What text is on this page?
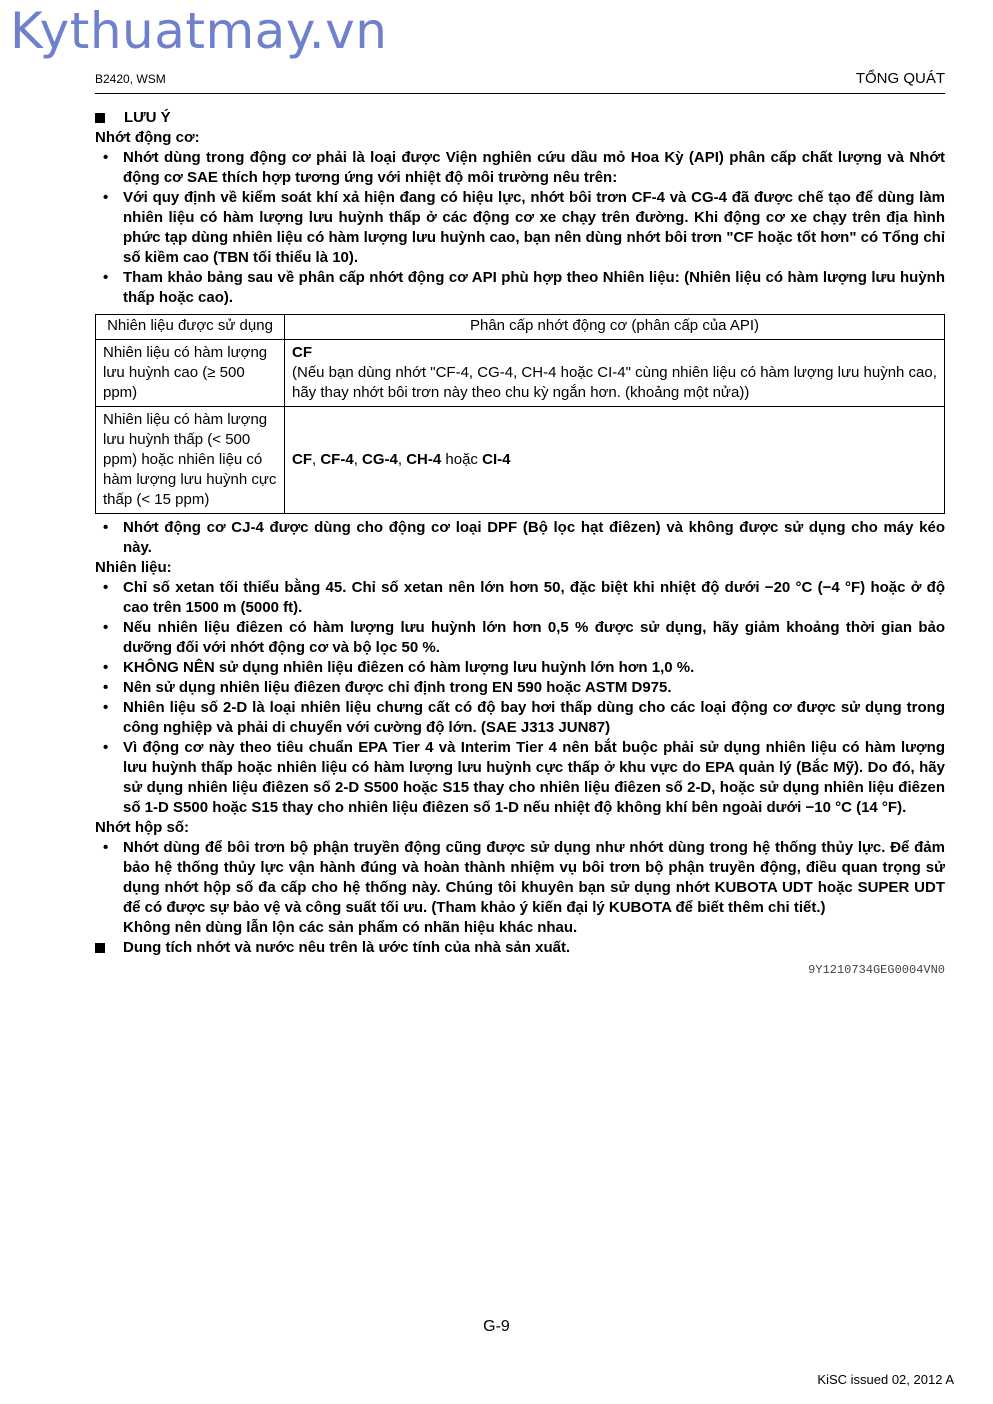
Kythuatmay.vn
B2420, WSM	TỔNG QUÁT
LƯU Ý
Nhớt động cơ:
• Nhớt dùng trong động cơ phải là loại được Viện nghiên cứu dầu mỏ Hoa Kỳ (API) phân cấp chất lượng và Nhớt động cơ SAE thích hợp tương ứng với nhiệt độ môi trường nêu trên:
• Với quy định về kiểm soát khí xả hiện đang có hiệu lực, nhớt bôi trơn CF-4 và CG-4 đã được chế tạo để dùng làm nhiên liệu có hàm lượng lưu huỳnh thấp ở các động cơ xe chạy trên đường. Khi động cơ xe chạy trên địa hình phức tạp dùng nhiên liệu có hàm lượng lưu huỳnh cao, bạn nên dùng nhớt bôi trơn "CF hoặc tốt hơn" có Tổng chỉ số kiềm cao (TBN tối thiểu là 10).
• Tham khảo bảng sau về phân cấp nhớt động cơ API phù hợp theo Nhiên liệu: (Nhiên liệu có hàm lượng lưu huỳnh thấp hoặc cao).
Nhiên liệu được sử dụng	Phân cấp nhớt động cơ (phân cấp của API)
Nhiên liệu có hàm lượng lưu huỳnh cao (≥ 500 ppm)	CF
(Nếu bạn dùng nhớt "CF-4, CG-4, CH-4 hoặc CI-4" cùng nhiên liệu có hàm lượng lưu huỳnh cao, hãy thay nhớt bôi trơn này theo chu kỳ ngắn hơn. (khoảng một nửa))

Nhiên liệu có hàm lượng lưu huỳnh thấp (< 500 ppm) hoặc nhiên liệu có hàm lượng lưu huỳnh cực thấp (< 15 ppm)	CF, CF-4, CG-4, CH-4 hoặc CI-4
• Nhớt động cơ CJ-4 được dùng cho động cơ loại DPF (Bộ lọc hạt điêzen) và không được sử dụng cho máy kéo này.
Nhiên liệu:
• Chỉ số xetan tối thiểu bằng 45. Chỉ số xetan nên lớn hơn 50, đặc biệt khi nhiệt độ dưới −20 °C (−4 °F) hoặc ở độ cao trên 1500 m (5000 ft).
• Nếu nhiên liệu điêzen có hàm lượng lưu huỳnh lớn hơn 0,5 % được sử dụng, hãy giảm khoảng thời gian bảo dưỡng đối với nhớt động cơ và bộ lọc 50 %.
• KHÔNG NÊN sử dụng nhiên liệu điêzen có hàm lượng lưu huỳnh lớn hơn 1,0 %.
• Nên sử dụng nhiên liệu điêzen được chỉ định trong EN 590 hoặc ASTM D975.
• Nhiên liệu số 2-D là loại nhiên liệu chưng cất có độ bay hơi thấp dùng cho các loại động cơ được sử dụng trong công nghiệp và phải di chuyển với cường độ lớn. (SAE J313 JUN87)
• Vì động cơ này theo tiêu chuẩn EPA Tier 4 và Interim Tier 4 nên bắt buộc phải sử dụng nhiên liệu có hàm lượng lưu huỳnh thấp hoặc nhiên liệu có hàm lượng lưu huỳnh cực thấp ở khu vực do EPA quản lý (Bắc Mỹ). Do đó, hãy sử dụng nhiên liệu điêzen số 2-D S500 hoặc S15 thay cho nhiên liệu điêzen số 2-D, hoặc sử dụng nhiên liệu điêzen số 1-D S500 hoặc S15 thay cho nhiên liệu điêzen số 1-D nếu nhiệt độ không khí bên ngoài dưới −10 °C (14 °F).
Nhớt hộp số:
• Nhớt dùng để bôi trơn bộ phận truyền động cũng được sử dụng như nhớt dùng trong hệ thống thủy lực. Để đảm bảo hệ thống thủy lực vận hành đúng và hoàn thành nhiệm vụ bôi trơn bộ phận truyền động, điều quan trọng sử dụng nhớt hộp số đa cấp cho hệ thống này. Chúng tôi khuyên bạn sử dụng nhớt KUBOTA UDT hoặc SUPER UDT để có được sự bảo vệ và công suất tối ưu. (Tham khảo ý kiến đại lý KUBOTA để biết thêm chi tiết.)
Không nên dùng lẫn lộn các sản phẩm có nhãn hiệu khác nhau.
Dung tích nhớt và nước nêu trên là ước tính của nhà sản xuất.
9Y1210734GEG0004VN0
G-9
KiSC issued 02, 2012 A
